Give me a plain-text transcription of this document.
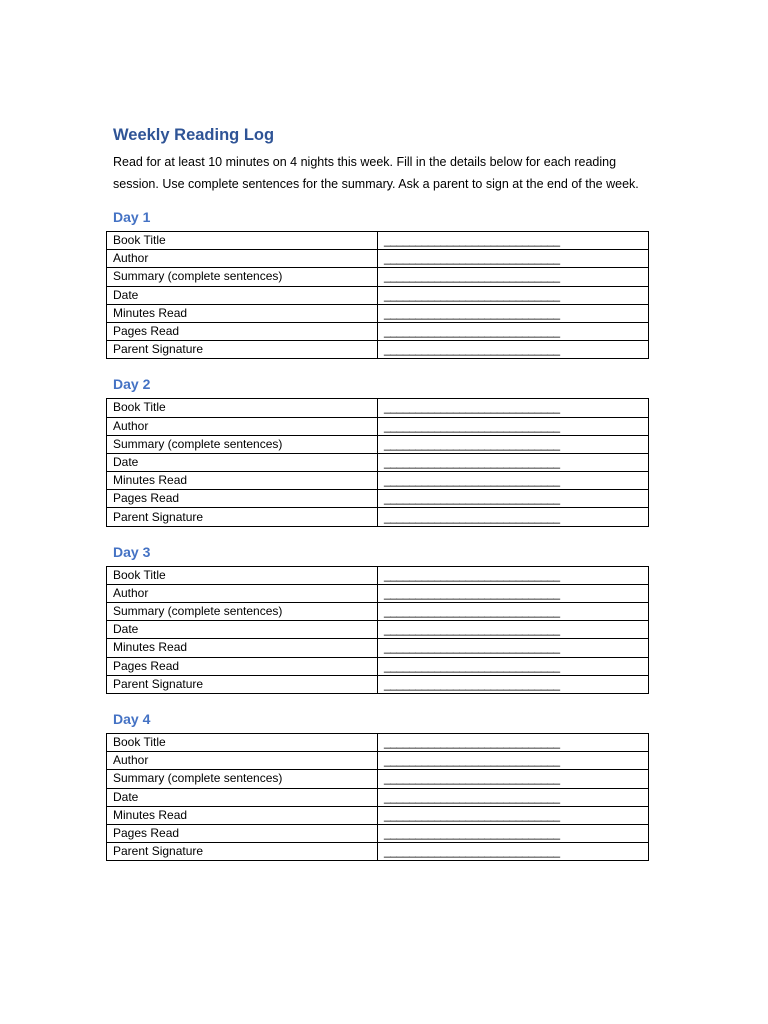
Weekly Reading Log

Read for at least 10 minutes on 4 nights this week. Fill in the details below for each reading session. Use complete sentences for the summary. Ask a parent to sign at the end of the week.

Day 1
Book Title	____________________________
Author	____________________________
Summary (complete sentences)	____________________________
Date	____________________________
Minutes Read	____________________________
Pages Read	____________________________
Parent Signature	____________________________
Day 2
Book Title	____________________________
Author	____________________________
Summary (complete sentences)	____________________________
Date	____________________________
Minutes Read	____________________________
Pages Read	____________________________
Parent Signature	____________________________
Day 3
Book Title	____________________________
Author	____________________________
Summary (complete sentences)	____________________________
Date	____________________________
Minutes Read	____________________________
Pages Read	____________________________
Parent Signature	____________________________
Day 4
Book Title	____________________________
Author	____________________________
Summary (complete sentences)	____________________________
Date	____________________________
Minutes Read	____________________________
Pages Read	____________________________
Parent Signature	____________________________
